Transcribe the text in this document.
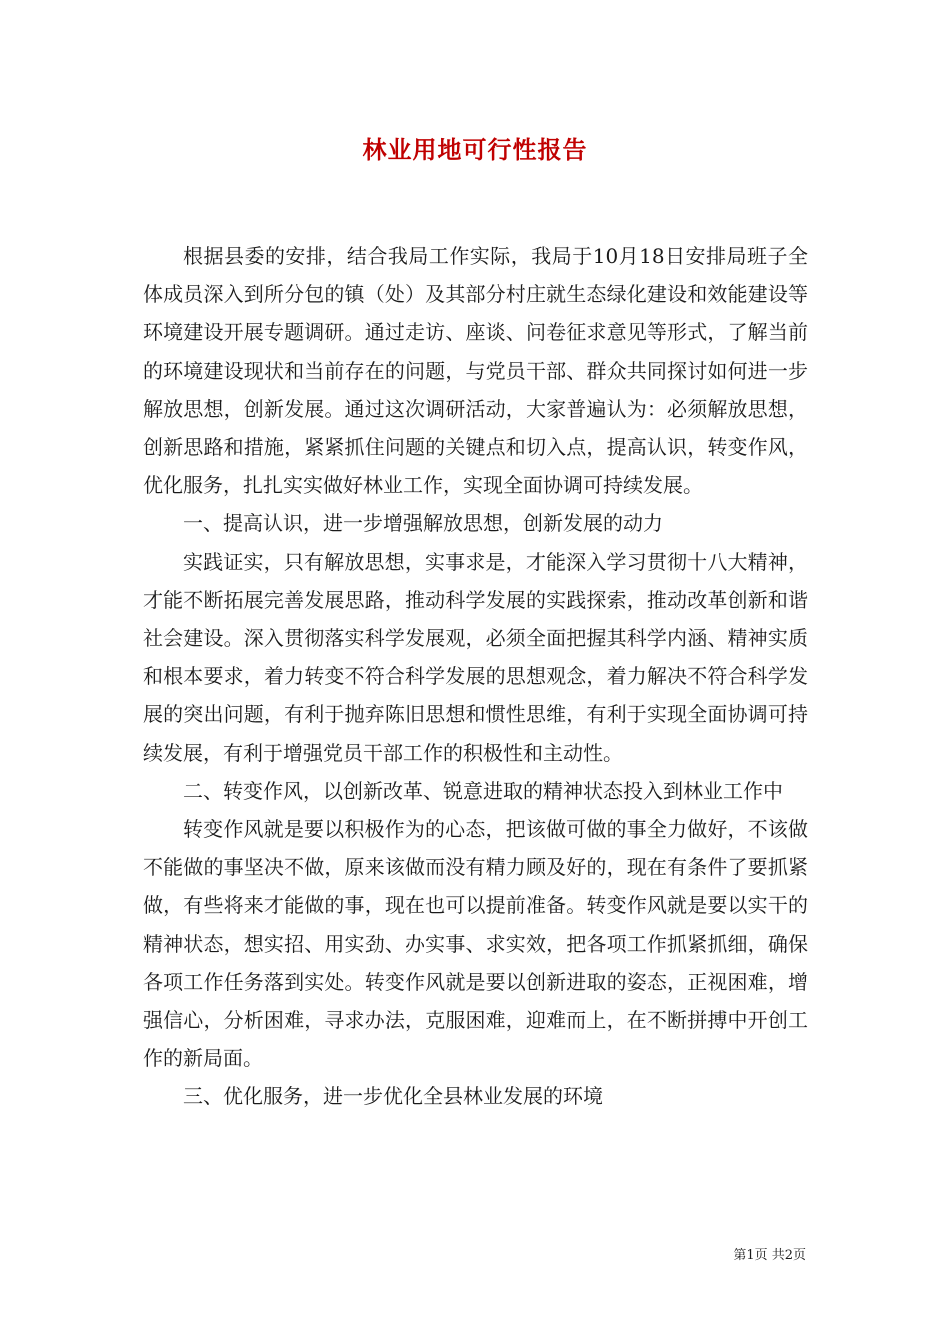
林业用地可行性报告

根据县委的安排，结合我局工作实际，我局于10月18日安排局班子全体成员深入到所分包的镇（处）及其部分村庄就生态绿化建设和效能建设等环境建设开展专题调研。通过走访、座谈、问卷征求意见等形式，了解当前的环境建设现状和当前存在的问题，与党员干部、群众共同探讨如何进一步解放思想，创新发展。通过这次调研活动，大家普遍认为：必须解放思想，创新思路和措施，紧紧抓住问题的关键点和切入点，提高认识，转变作风，优化服务，扎扎实实做好林业工作，实现全面协调可持续发展。

一、提高认识，进一步增强解放思想，创新发展的动力

实践证实，只有解放思想，实事求是，才能深入学习贯彻十八大精神，才能不断拓展完善发展思路，推动科学发展的实践探索，推动改革创新和谐社会建设。深入贯彻落实科学发展观，必须全面把握其科学内涵、精神实质和根本要求，着力转变不符合科学发展的思想观念，着力解决不符合科学发展的突出问题，有利于抛弃陈旧思想和惯性思维，有利于实现全面协调可持续发展，有利于增强党员干部工作的积极性和主动性。

二、转变作风，以创新改革、锐意进取的精神状态投入到林业工作中

转变作风就是要以积极作为的心态，把该做可做的事全力做好，不该做不能做的事坚决不做，原来该做而没有精力顾及好的，现在有条件了要抓紧做，有些将来才能做的事，现在也可以提前准备。转变作风就是要以实干的精神状态，想实招、用实劲、办实事、求实效，把各项工作抓紧抓细，确保各项工作任务落到实处。转变作风就是要以创新进取的姿态，正视困难，增强信心，分析困难，寻求办法，克服困难，迎难而上，在不断拼搏中开创工作的新局面。

三、优化服务，进一步优化全县林业发展的环境

第1页 共2页
